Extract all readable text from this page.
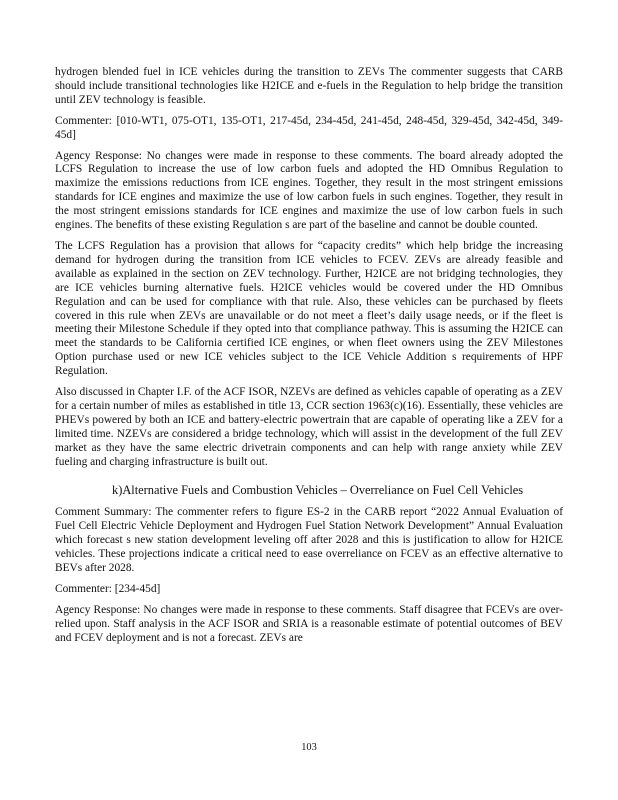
hydrogen blended fuel in ICE vehicles during the transition to ZEVs The commenter suggests that CARB should include transitional technologies like H2ICE and e-fuels in the Regulation to help bridge the transition until ZEV technology is feasible.

Commenter: [010-WT1, 075-OT1, 135-OT1, 217-45d, 234-45d, 241-45d, 248-45d, 329-45d, 342-45d, 349-45d]

Agency Response: No changes were made in response to these comments. The board already adopted the LCFS Regulation to increase the use of low carbon fuels and adopted the HD Omnibus Regulation to maximize the emissions reductions from ICE engines. Together, they result in the most stringent emissions standards for ICE engines and maximize the use of low carbon fuels in such engines. Together, they result in the most stringent emissions standards for ICE engines and maximize the use of low carbon fuels in such engines. The benefits of these existing Regulation s are part of the baseline and cannot be double counted.

The LCFS Regulation has a provision that allows for “capacity credits” which help bridge the increasing demand for hydrogen during the transition from ICE vehicles to FCEV. ZEVs are already feasible and available as explained in the section on ZEV technology. Further, H2ICE are not bridging technologies, they are ICE vehicles burning alternative fuels. H2ICE vehicles would be covered under the HD Omnibus Regulation and can be used for compliance with that rule. Also, these vehicles can be purchased by fleets covered in this rule when ZEVs are unavailable or do not meet a fleet’s daily usage needs, or if the fleet is meeting their Milestone Schedule if they opted into that compliance pathway. This is assuming the H2ICE can meet the standards to be California certified ICE engines, or when fleet owners using the ZEV Milestones Option purchase used or new ICE vehicles subject to the ICE Vehicle Addition s requirements of HPF Regulation.

Also discussed in Chapter I.F. of the ACF ISOR, NZEVs are defined as vehicles capable of operating as a ZEV for a certain number of miles as established in title 13, CCR section 1963(c)(16). Essentially, these vehicles are PHEVs powered by both an ICE and battery-electric powertrain that are capable of operating like a ZEV for a limited time. NZEVs are considered a bridge technology, which will assist in the development of the full ZEV market as they have the same electric drivetrain components and can help with range anxiety while ZEV fueling and charging infrastructure is built out.

k)Alternative Fuels and Combustion Vehicles – Overreliance on Fuel Cell Vehicles

Comment Summary: The commenter refers to figure ES-2 in the CARB report “2022 Annual Evaluation of Fuel Cell Electric Vehicle Deployment and Hydrogen Fuel Station Network Development” Annual Evaluation which forecast s new station development leveling off after 2028 and this is justification to allow for H2ICE vehicles. These projections indicate a critical need to ease overreliance on FCEV as an effective alternative to BEVs after 2028.

Commenter: [234-45d]

Agency Response: No changes were made in response to these comments. Staff disagree that FCEVs are over-relied upon. Staff analysis in the ACF ISOR and SRIA is a reasonable estimate of potential outcomes of BEV and FCEV deployment and is not a forecast. ZEVs are

103
